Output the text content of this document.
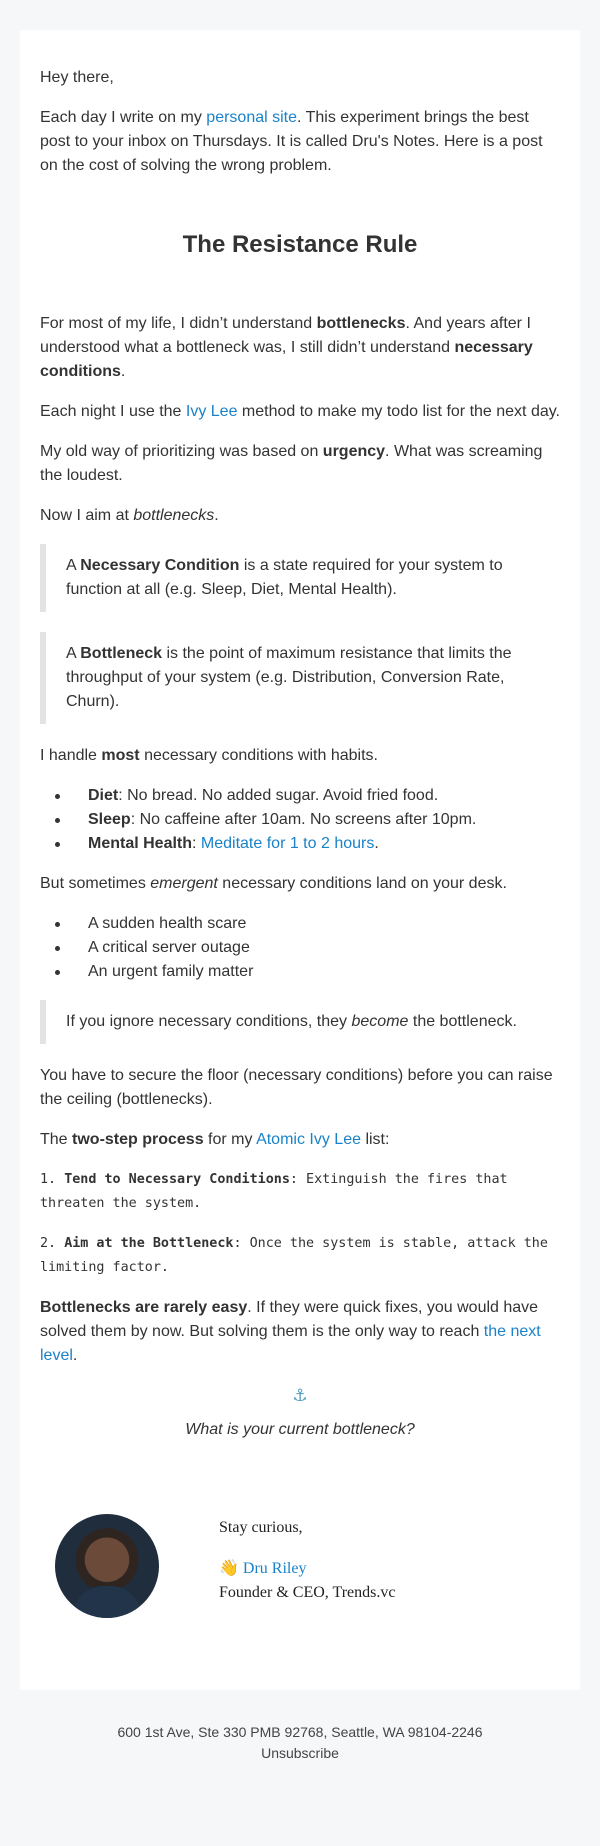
Hey there,

Each day I write on my personal site. This experiment brings the best post to your inbox on Thursdays. It is called Dru's Notes. Here is a post on the cost of solving the wrong problem.

The Resistance Rule

For most of my life, I didn’t understand bottlenecks. And years after I understood what a bottleneck was, I still didn’t understand necessary conditions.

Each night I use the Ivy Lee method to make my todo list for the next day.

My old way of prioritizing was based on urgency. What was screaming the loudest.

Now I aim at bottlenecks.

A Necessary Condition is a state required for your system to function at all (e.g. Sleep, Diet, Mental Health).
A Bottleneck is the point of maximum resistance that limits the throughput of your system (e.g. Distribution, Conversion Rate, Churn).

I handle most necessary conditions with habits.

Diet: No bread. No added sugar. Avoid fried food.
Sleep: No caffeine after 10am. No screens after 10pm.
Mental Health: Meditate for 1 to 2 hours.

But sometimes emergent necessary conditions land on your desk.

A sudden health scare
A critical server outage
An urgent family matter
If you ignore necessary conditions, they become the bottleneck.

You have to secure the floor (necessary conditions) before you can raise the ceiling (bottlenecks).

The two-step process for my Atomic Ivy Lee list:

1. Tend to Necessary Conditions: Extinguish the fires that threaten the system.

2. Aim at the Bottleneck: Once the system is stable, attack the limiting factor.

Bottlenecks are rarely easy. If they were quick fixes, you would have solved them by now. But solving them is the only way to reach the next level.

⚓

What is your current bottleneck?

Stay curious,
👋 Dru Riley
Founder & CEO, Trends.vc
600 1st Ave, Ste 330 PMB 92768, Seattle, WA 98104-2246
Unsubscribe
